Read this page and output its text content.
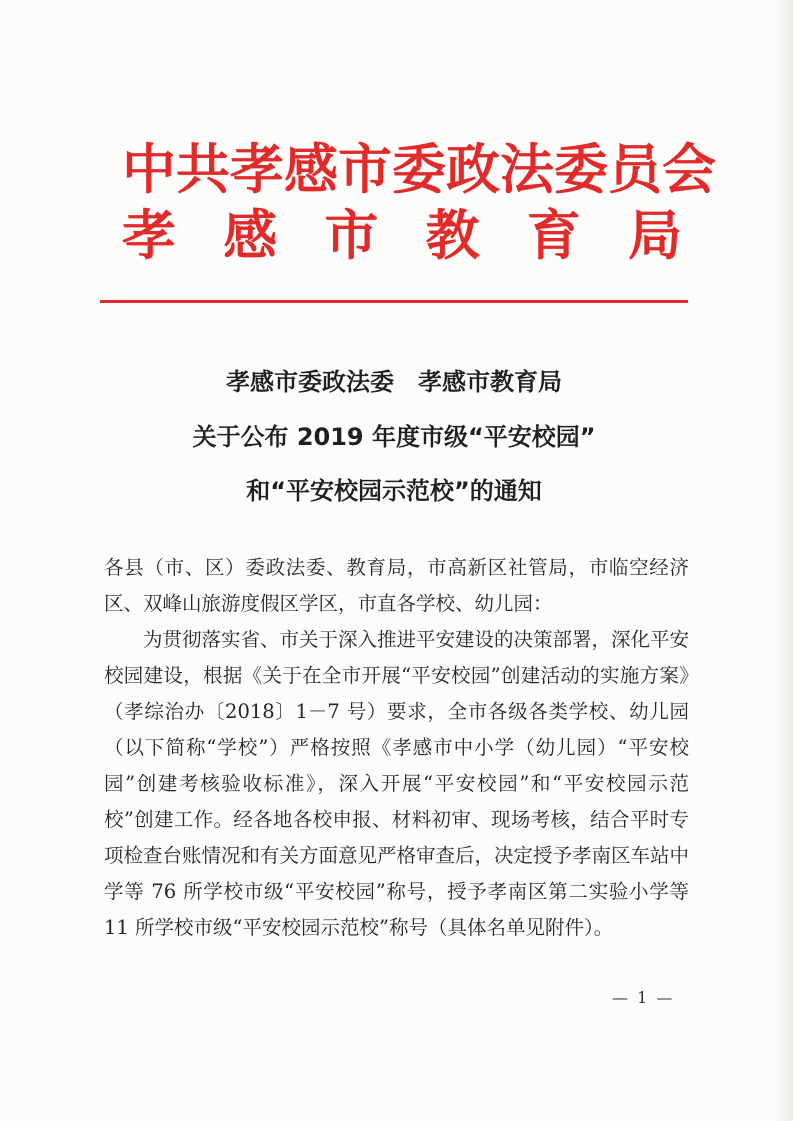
中共孝感市委政法委员会
孝感市教育局
孝感市委政法委　孝感市教育局
关于公布 2019 年度市级“平安校园”
和“平安校园示范校”的通知

各县（市、区）委政法委、教育局，市高新区社管局，市临空经济区、双峰山旅游度假区学区，市直各学校、幼儿园：

为贯彻落实省、市关于深入推进平安建设的决策部署，深化平安校园建设，根据《关于在全市开展“平安校园”创建活动的实施方案》（孝综治办〔2018〕1－7 号）要求，全市各级各类学校、幼儿园（以下简称“学校”）严格按照《孝感市中小学（幼儿园）“平安校园”创建考核验收标准》，深入开展“平安校园”和“平安校园示范校”创建工作。经各地各校申报、材料初审、现场考核，结合平时专项检查台账情况和有关方面意见严格审查后，决定授予孝南区车站中学等 76 所学校市级“平安校园”称号，授予孝南区第二实验小学等 11 所学校市级“平安校园示范校”称号（具体名单见附件）。

— 1 —
